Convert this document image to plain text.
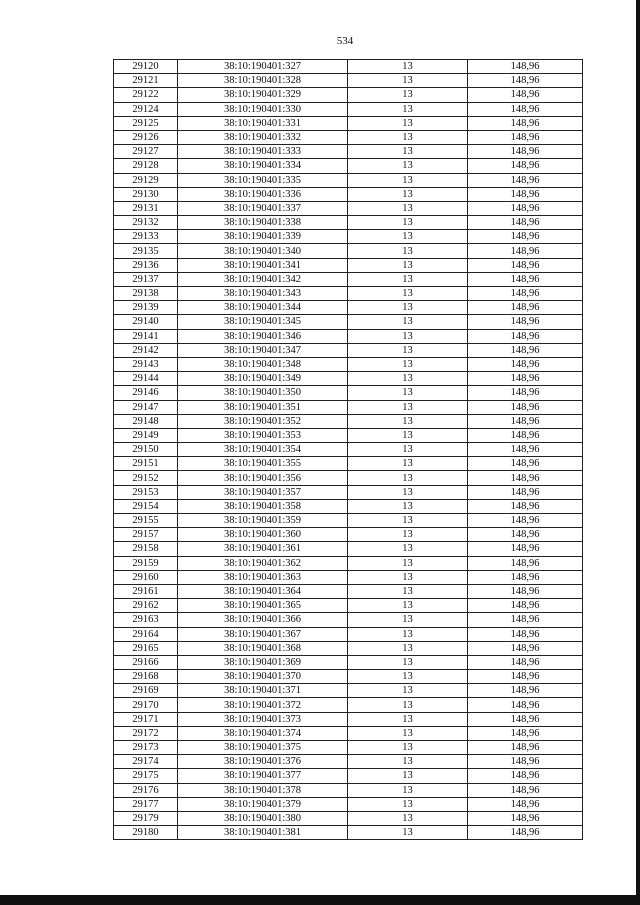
534
29120	38:10:190401:327	13	148,96
29121	38:10:190401:328	13	148,96
29122	38:10:190401:329	13	148,96
29124	38:10:190401:330	13	148,96
29125	38:10:190401:331	13	148,96
29126	38:10:190401:332	13	148,96
29127	38:10:190401:333	13	148,96
29128	38:10:190401:334	13	148,96
29129	38:10:190401:335	13	148,96
29130	38:10:190401:336	13	148,96
29131	38:10:190401:337	13	148,96
29132	38:10:190401:338	13	148,96
29133	38:10:190401:339	13	148,96
29135	38:10:190401:340	13	148,96
29136	38:10:190401:341	13	148,96
29137	38:10:190401:342	13	148,96
29138	38:10:190401:343	13	148,96
29139	38:10:190401:344	13	148,96
29140	38:10:190401:345	13	148,96
29141	38:10:190401:346	13	148,96
29142	38:10:190401:347	13	148,96
29143	38:10:190401:348	13	148,96
29144	38:10:190401:349	13	148,96
29146	38:10:190401:350	13	148,96
29147	38:10:190401:351	13	148,96
29148	38:10:190401:352	13	148,96
29149	38:10:190401:353	13	148,96
29150	38:10:190401:354	13	148,96
29151	38:10:190401:355	13	148,96
29152	38:10:190401:356	13	148,96
29153	38:10:190401:357	13	148,96
29154	38:10:190401:358	13	148,96
29155	38:10:190401:359	13	148,96
29157	38:10:190401:360	13	148,96
29158	38:10:190401:361	13	148,96
29159	38:10:190401:362	13	148,96
29160	38:10:190401:363	13	148,96
29161	38:10:190401:364	13	148,96
29162	38:10:190401:365	13	148,96
29163	38:10:190401:366	13	148,96
29164	38:10:190401:367	13	148,96
29165	38:10:190401:368	13	148,96
29166	38:10:190401:369	13	148,96
29168	38:10:190401:370	13	148,96
29169	38:10:190401:371	13	148,96
29170	38:10:190401:372	13	148,96
29171	38:10:190401:373	13	148,96
29172	38:10:190401:374	13	148,96
29173	38:10:190401:375	13	148,96
29174	38:10:190401:376	13	148,96
29175	38:10:190401:377	13	148,96
29176	38:10:190401:378	13	148,96
29177	38:10:190401:379	13	148,96
29179	38:10:190401:380	13	148,96
29180	38:10:190401:381	13	148,96
